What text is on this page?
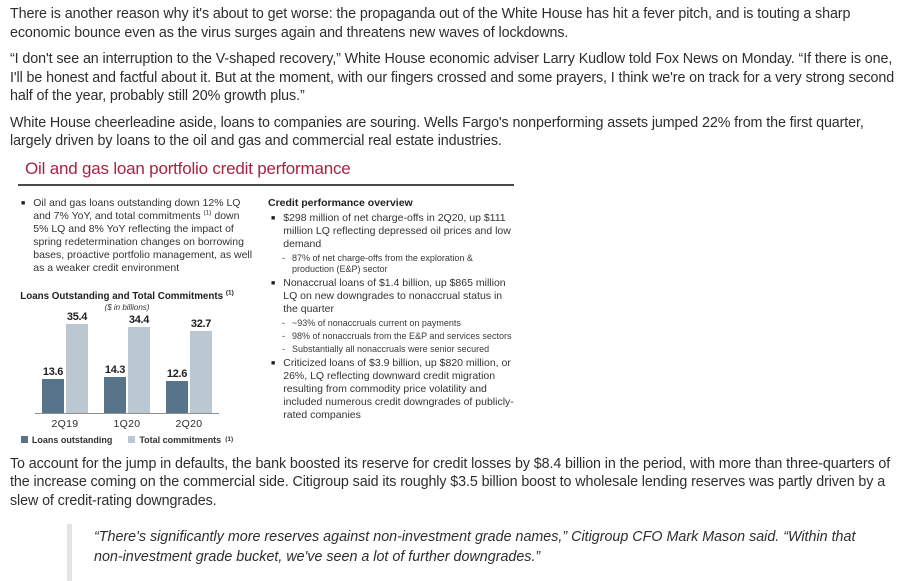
There is another reason why it's about to get worse: the propaganda out of the White House has hit a fever pitch, and is touting a sharp economic bounce even as the virus surges again and threatens new waves of lockdowns.

“I don't see an interruption to the V-shaped recovery,” White House economic adviser Larry Kudlow told Fox News on Monday. “If there is one, I'll be honest and factful about it. But at the moment, with our fingers crossed and some prayers, I think we're on track for a very strong second half of the year, probably still 20% growth plus.”

White House cheerleadine aside, loans to companies are souring. Wells Fargo's nonperforming assets jumped 22% from the first quarter, largely driven by loans to the oil and gas and commercial real estate industries.

Oil and gas loan portfolio credit performance
■ Oil and gas loans outstanding down 12% LQ and 7% YoY, and total commitments $^{(1)}$ down 5% LQ and 8% YoY reflecting the impact of spring redetermination changes on borrowing bases, proactive portfolio management, as well as a weaker credit environment
Loans Outstanding and Total Commitments $^{(1)}$
($ in billions)
13.6
35.4
14.3
34.4
12.6
32.7
2Q19	1Q20	2Q20
Loans outstanding	Total commitments (1)
Credit performance overview
■ $298 million of net charge-offs in 2Q20, up $111 million LQ reflecting depressed oil prices and low demand
- 87% of net charge-offs from the exploration & production (E&P) sector
■ Nonaccrual loans of $1.4 billion, up $865 million LQ on new downgrades to nonaccrual status in the quarter
- ~93% of nonaccruals current on payments
- 98% of nonaccruals from the E&P and services sectors
- Substantially all nonaccruals were senior secured
■ Criticized loans of $3.9 billion, up $820 million, or 26%, LQ reflecting downward credit migration resulting from commodity price volatility and included numerous credit downgrades of publicly-rated companies

To account for the jump in defaults, the bank boosted its reserve for credit losses by $8.4 billion in the period, with more than three-quarters of the increase coming on the commercial side. Citigroup said its roughly $3.5 billion boost to wholesale lending reserves was partly driven by a slew of credit-rating downgrades.

“There's significantly more reserves against non-investment grade names,” Citigroup CFO Mark Mason said. “Within that non-investment grade bucket, we've seen a lot of further downgrades.”
